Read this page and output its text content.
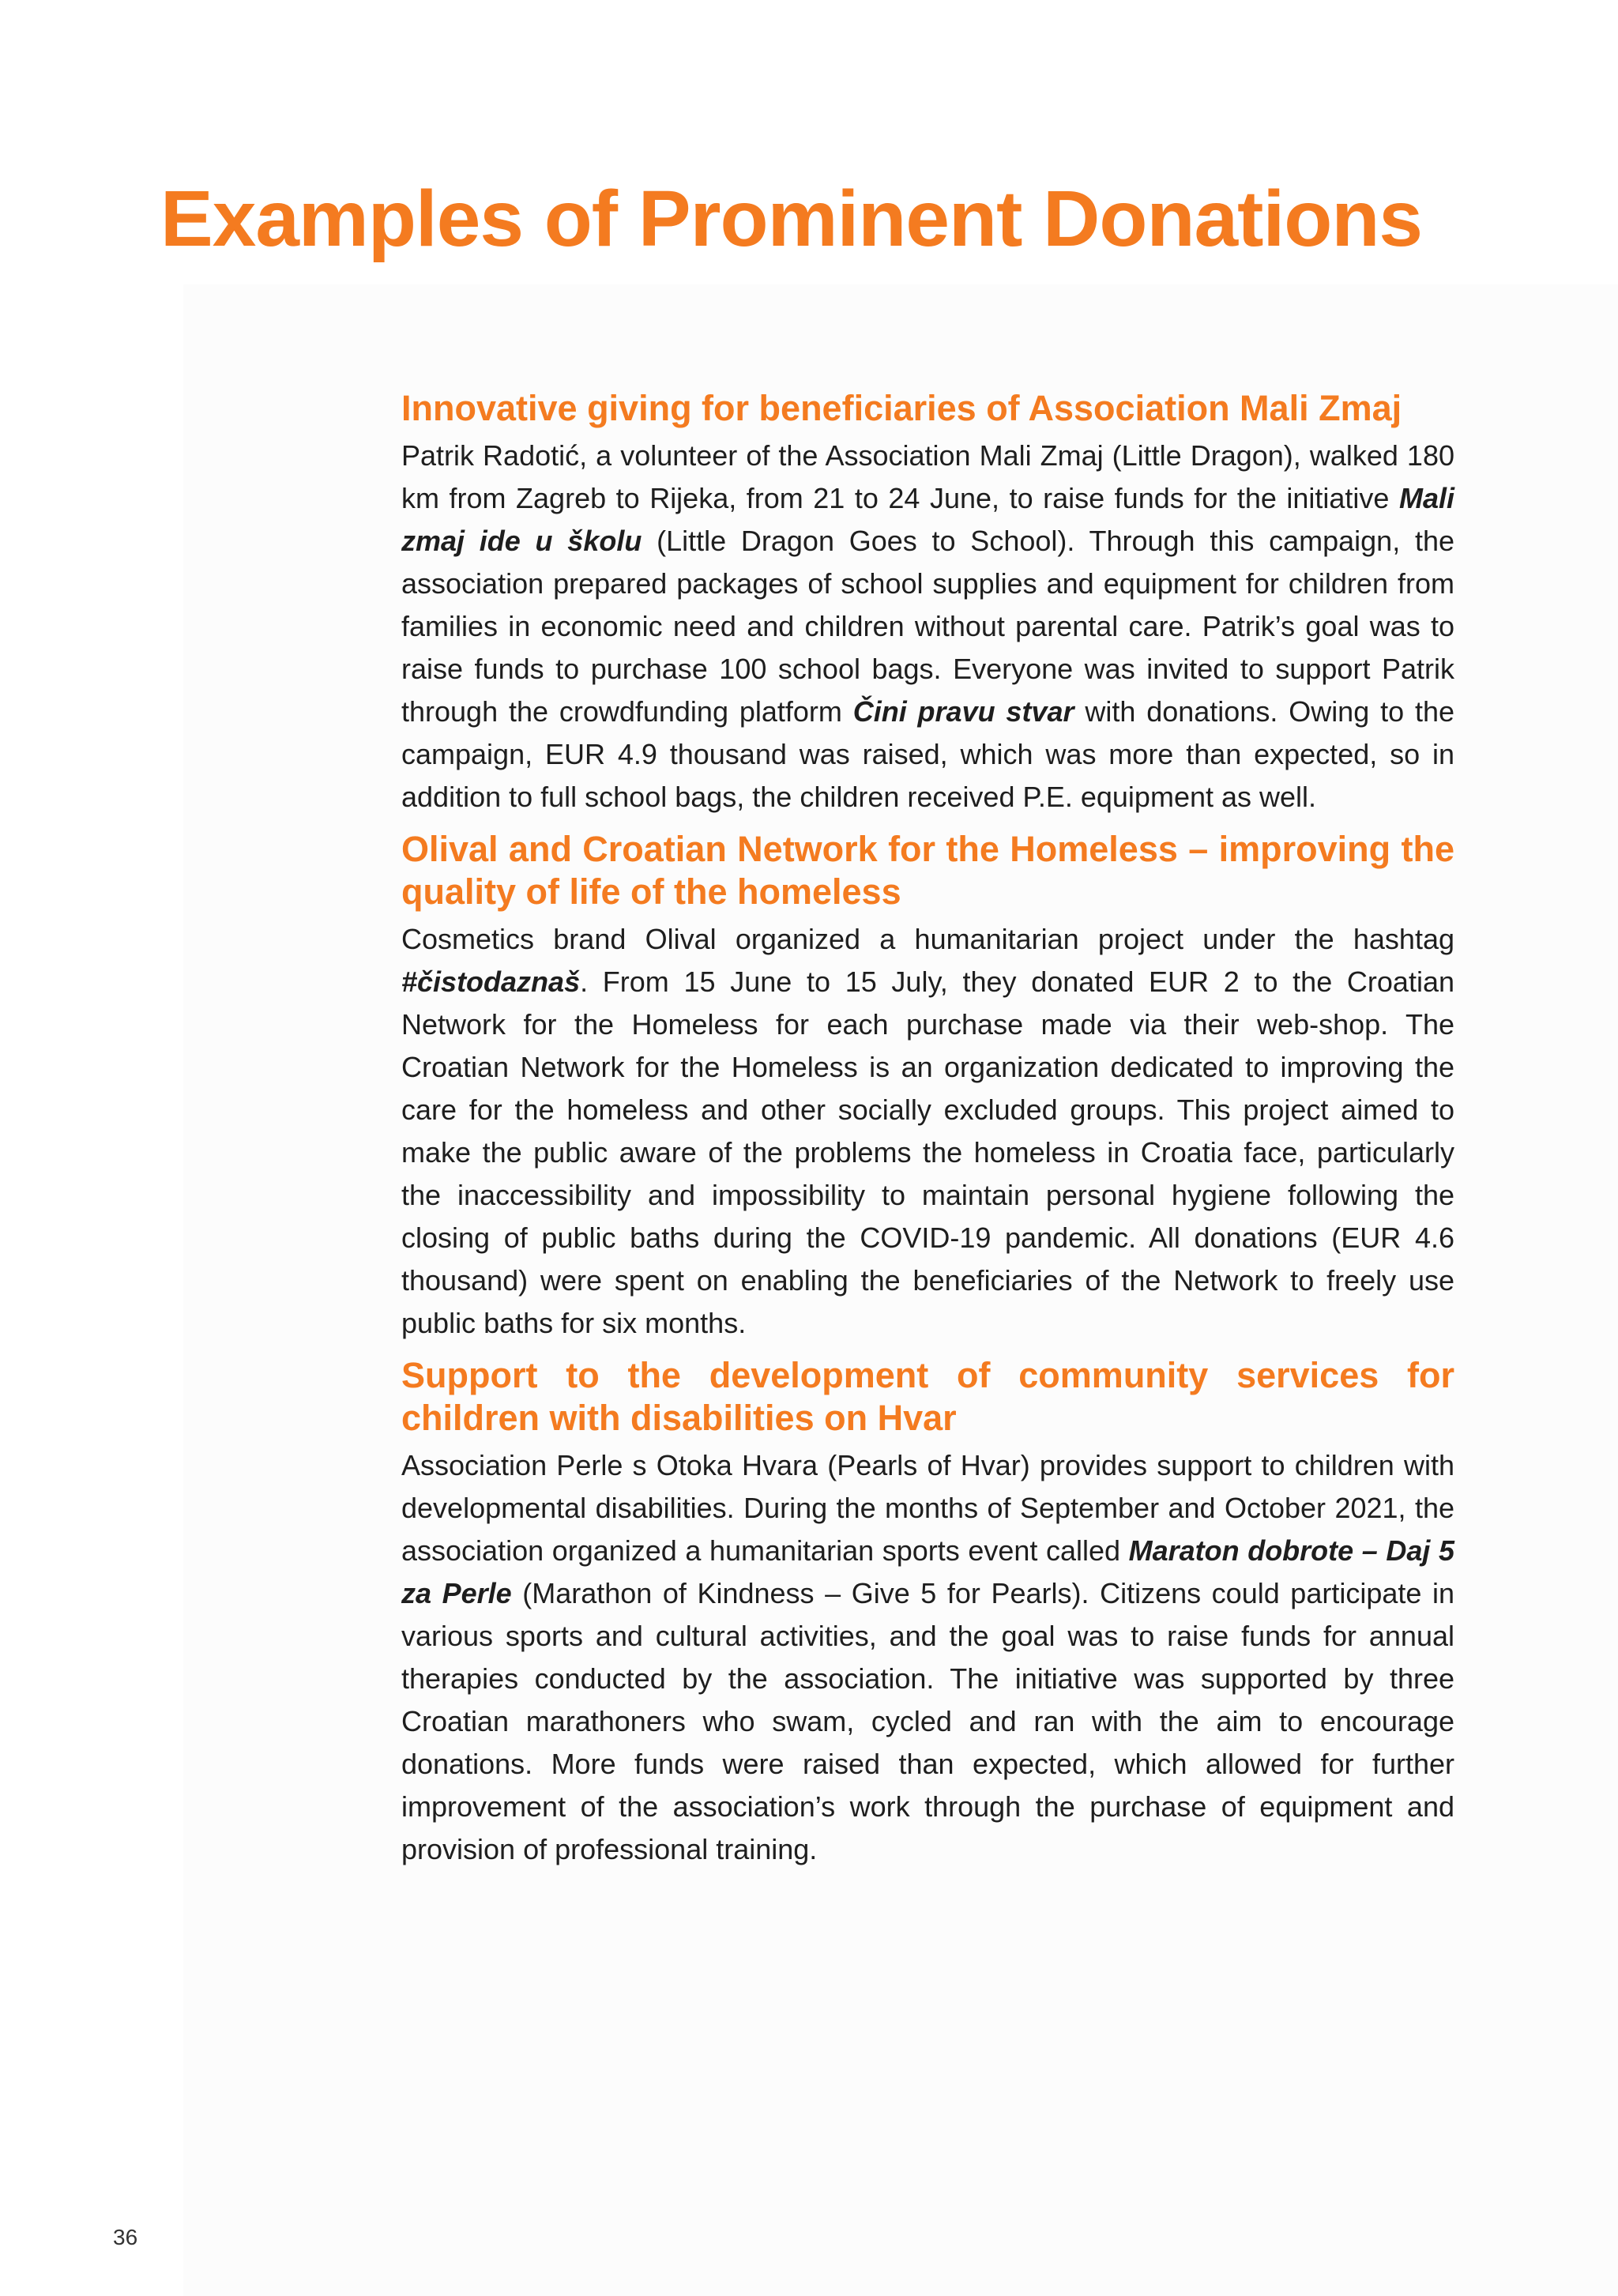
Examples of Prominent Donations
Innovative giving for beneficiaries of Association Mali Zmaj

Patrik Radotić, a volunteer of the Association Mali Zmaj (Little Dragon), walked 180 km from Zagreb to Rijeka, from 21 to 24 June, to raise funds for the initiative Mali zmaj ide u školu (Little Dragon Goes to School). Through this campaign, the association prepared packages of school supplies and equipment for children from families in economic need and children without parental care. Patrik’s goal was to raise funds to purchase 100 school bags. Everyone was invited to support Patrik through the crowdfunding platform Čini pravu stvar with donations. Owing to the campaign, EUR 4.9 thousand was raised, which was more than expected, so in addition to full school bags, the children received P.E. equipment as well.

Olival and Croatian Network for the Homeless – improving the quality of life of the homeless

Cosmetics brand Olival organized a humanitarian project under the hashtag #čistodaznaš. From 15 June to 15 July, they donated EUR 2 to the Croatian Network for the Homeless for each purchase made via their web-shop. The Croatian Network for the Homeless is an organization dedicated to improving the care for the homeless and other socially excluded groups. This project aimed to make the public aware of the problems the homeless in Croatia face, particularly the inaccessibility and impossibility to maintain personal hygiene following the closing of public baths during the COVID-19 pandemic. All donations (EUR 4.6 thousand) were spent on enabling the beneficiaries of the Network to freely use public baths for six months.

Support to the development of community services for children with disabilities on Hvar

Association Perle s Otoka Hvara (Pearls of Hvar) provides support to children with developmental disabilities. During the months of September and October 2021, the association organized a humanitarian sports event called Maraton dobrote – Daj 5 za Perle (Marathon of Kindness – Give 5 for Pearls). Citizens could participate in various sports and cultural activities, and the goal was to raise funds for annual therapies conducted by the association. The initiative was supported by three Croatian marathoners who swam, cycled and ran with the aim to encourage donations. More funds were raised than expected, which allowed for further improvement of the association’s work through the purchase of equipment and provision of professional training.

36
